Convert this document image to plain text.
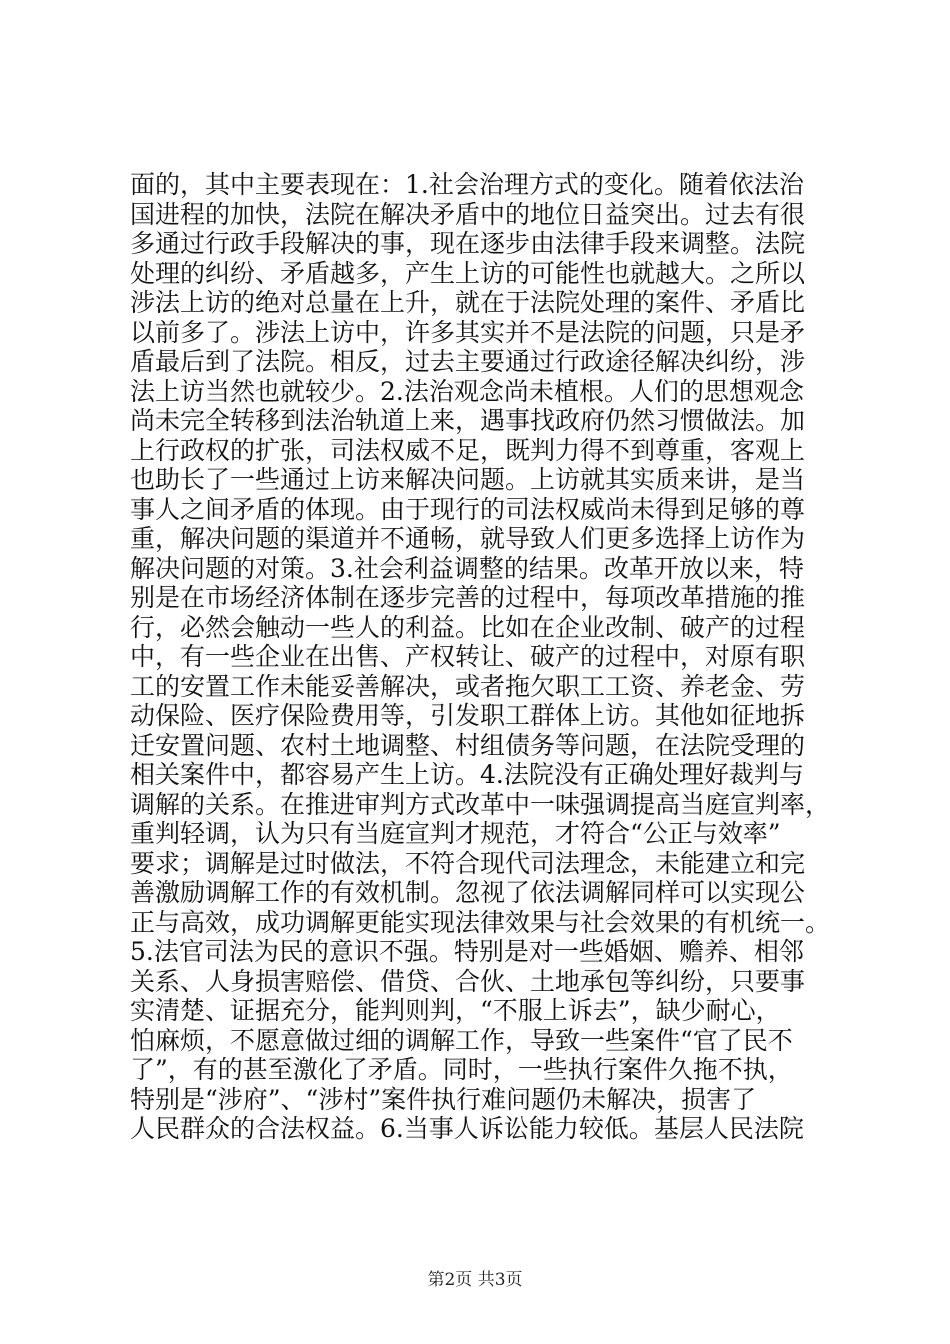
面的，其中主要表现在：1.社会治理方式的变化。随着依法治
国进程的加快，法院在解决矛盾中的地位日益突出。过去有很
多通过行政手段解决的事，现在逐步由法律手段来调整。法院
处理的纠纷、矛盾越多，产生上访的可能性也就越大。之所以
涉法上访的绝对总量在上升，就在于法院处理的案件、矛盾比
以前多了。涉法上访中，许多其实并不是法院的问题，只是矛
盾最后到了法院。相反，过去主要通过行政途径解决纠纷，涉
法上访当然也就较少。2.法治观念尚未植根。人们的思想观念
尚未完全转移到法治轨道上来，遇事找政府仍然习惯做法。加
上行政权的扩张，司法权威不足，既判力得不到尊重，客观上
也助长了一些通过上访来解决问题。上访就其实质来讲，是当
事人之间矛盾的体现。由于现行的司法权威尚未得到足够的尊
重，解决问题的渠道并不通畅，就导致人们更多选择上访作为
解决问题的对策。3.社会利益调整的结果。改革开放以来，特
别是在市场经济体制在逐步完善的过程中，每项改革措施的推
行，必然会触动一些人的利益。比如在企业改制、破产的过程
中，有一些企业在出售、产权转让、破产的过程中，对原有职
工的安置工作未能妥善解决，或者拖欠职工工资、养老金、劳
动保险、医疗保险费用等，引发职工群体上访。其他如征地拆
迁安置问题、农村土地调整、村组债务等问题，在法院受理的
相关案件中，都容易产生上访。4.法院没有正确处理好裁判与
调解的关系。在推进审判方式改革中一味强调提高当庭宣判率，
重判轻调，认为只有当庭宣判才规范，才符合“公正与效率”
要求；调解是过时做法，不符合现代司法理念，未能建立和完
善激励调解工作的有效机制。忽视了依法调解同样可以实现公
正与高效，成功调解更能实现法律效果与社会效果的有机统一。
5.法官司法为民的意识不强。特别是对一些婚姻、赡养、相邻
关系、人身损害赔偿、借贷、合伙、土地承包等纠纷，只要事
实清楚、证据充分，能判则判，“不服上诉去”，缺少耐心，
怕麻烦，不愿意做过细的调解工作，导致一些案件“官了民不
了”，有的甚至激化了矛盾。同时，一些执行案件久拖不执，
特别是“涉府”、“涉村”案件执行难问题仍未解决，损害了
人民群众的合法权益。6.当事人诉讼能力较低。基层人民法院
第2页 共3页
